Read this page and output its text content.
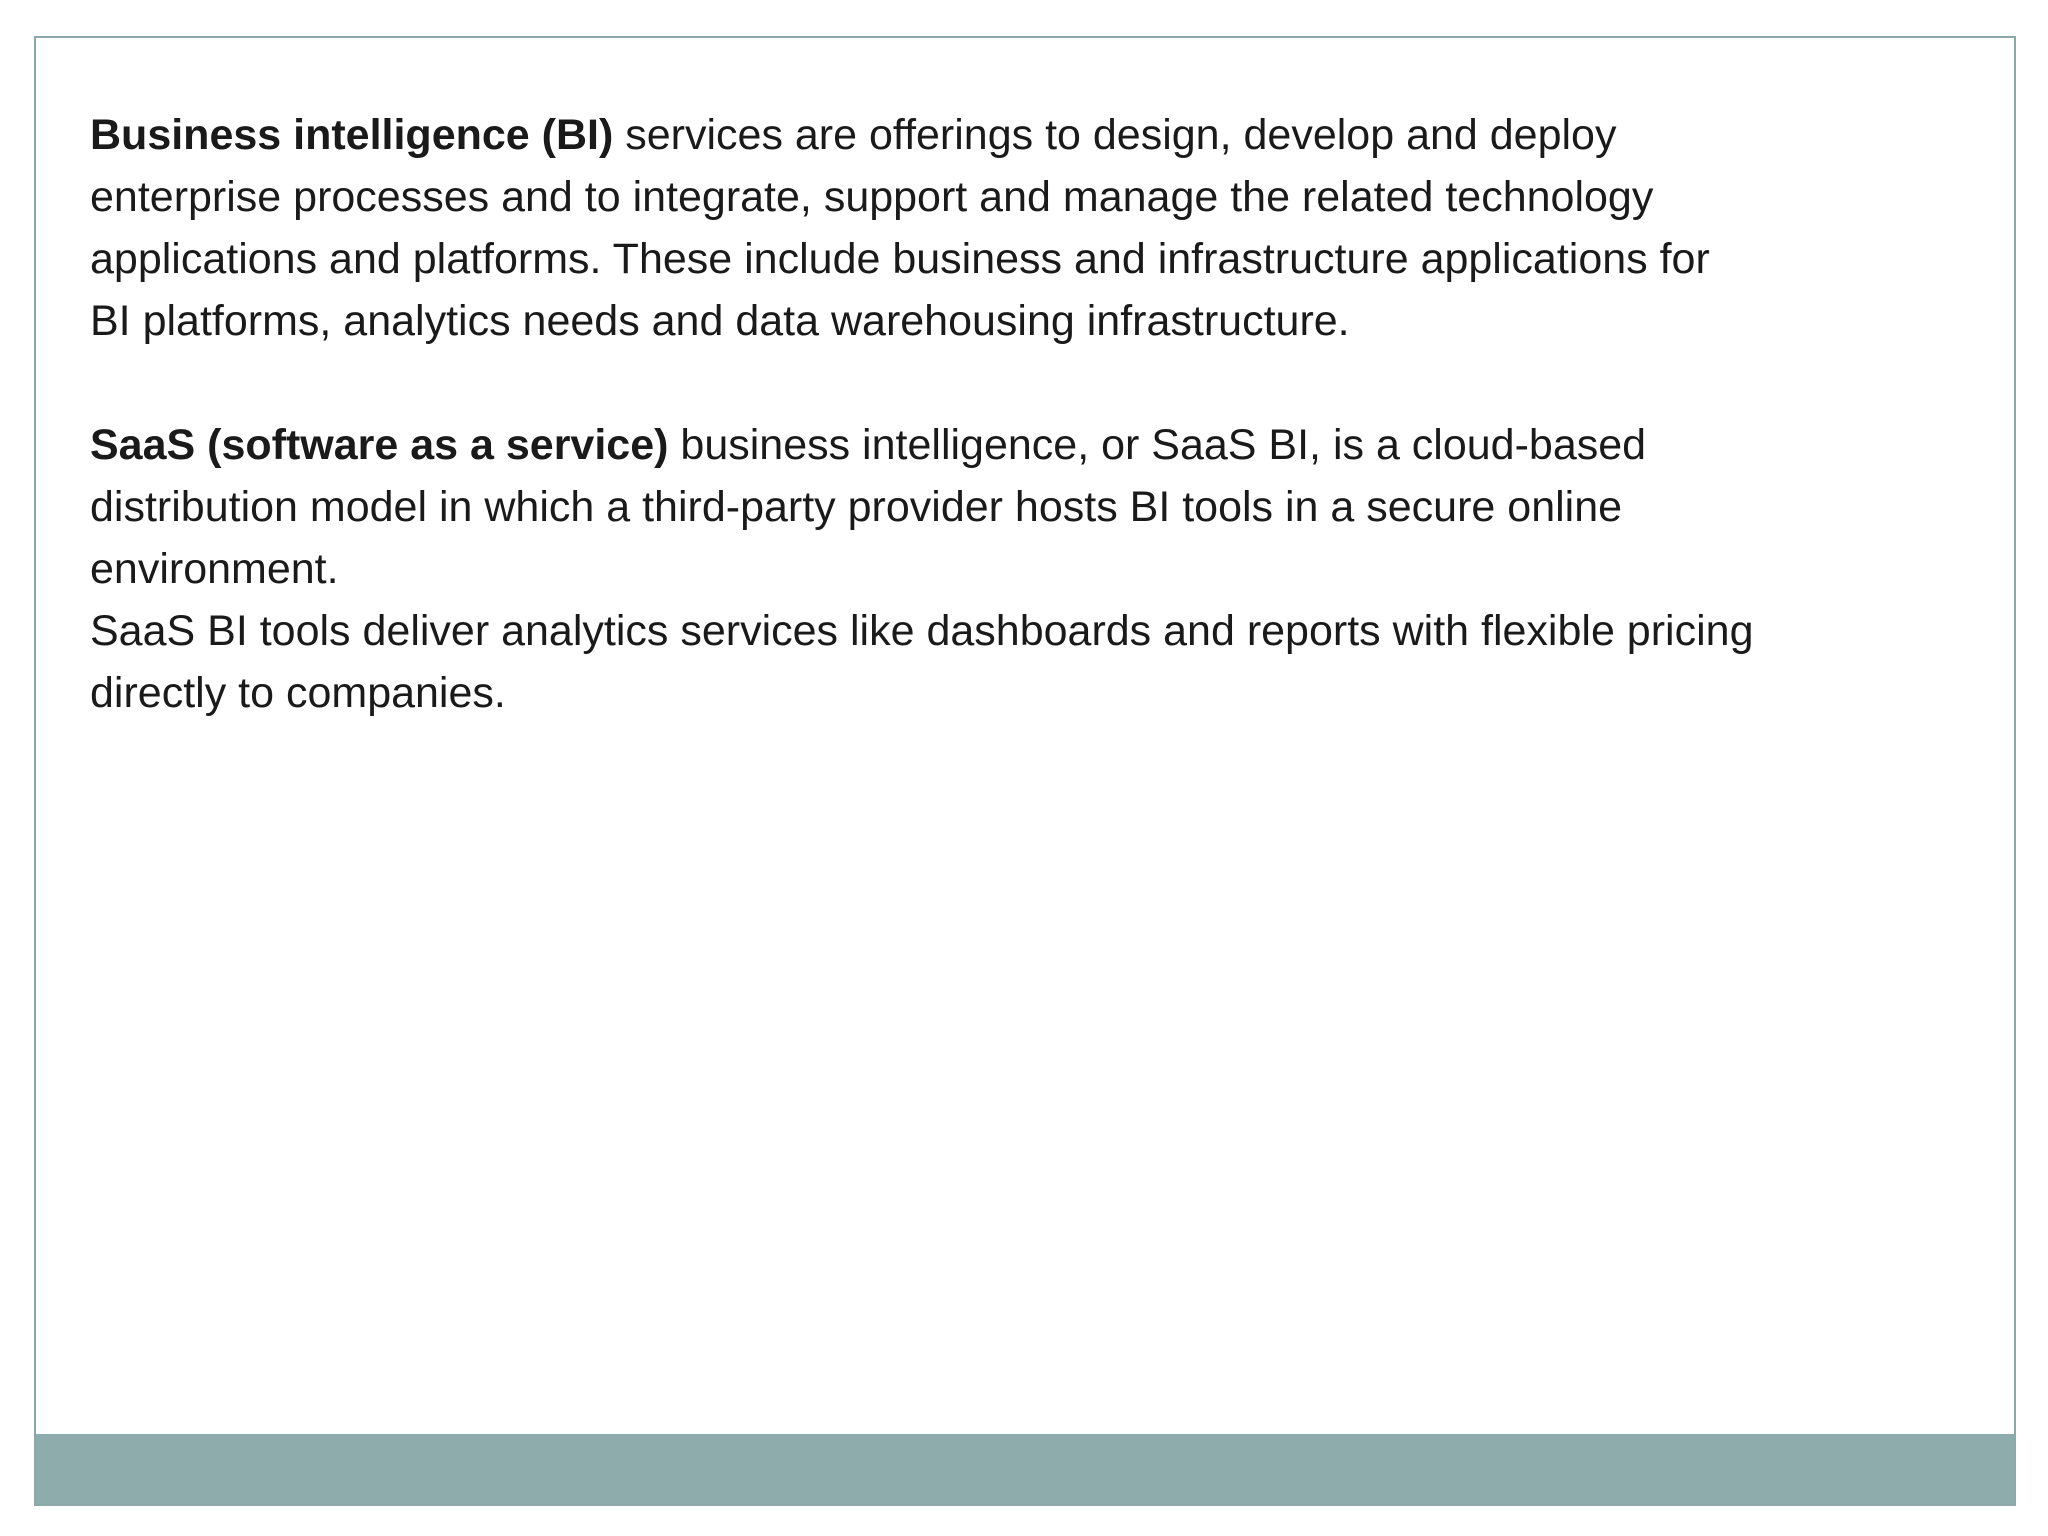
Business intelligence (BI) services are offerings to design, develop and deploy
enterprise processes and to integrate, support and manage the related technology
applications and platforms. These include business and infrastructure applications for
BI platforms, analytics needs and data warehousing infrastructure.

SaaS (software as a service) business intelligence, or SaaS BI, is a cloud-based
distribution model in which a third-party provider hosts BI tools in a secure online
environment.

SaaS BI tools deliver analytics services like dashboards and reports with flexible pricing
directly to companies.
